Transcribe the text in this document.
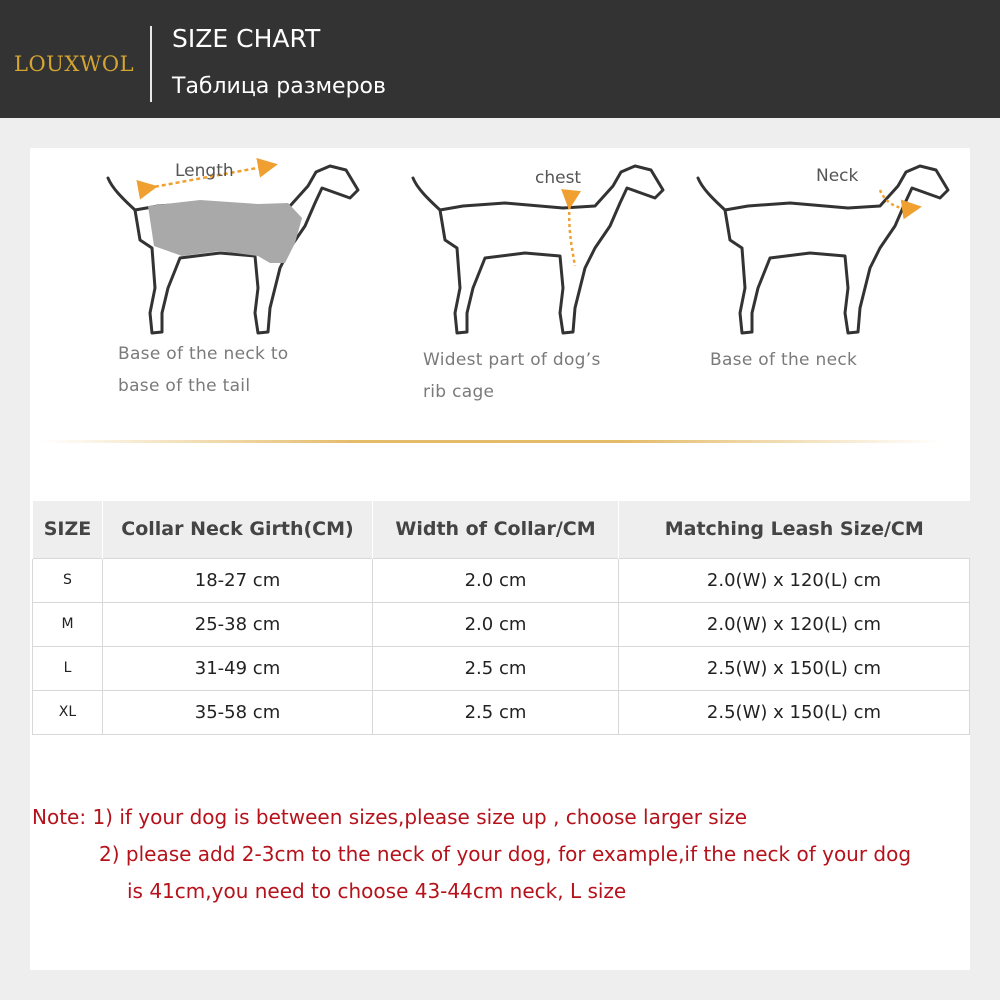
LOUXWOL
SIZE CHART
Таблица размеров
Length
Base of the neck to
base of the tail
chest
Widest part of dog’s
rib cage
Neck
Base of the neck
SIZE	Collar Neck Girth(CM)	Width of Collar/CM	Matching Leash Size/CM
S	18-27 cm	2.0 cm	2.0(W) x 120(L) cm
M	25-38 cm	2.0 cm	2.0(W) x 120(L) cm
L	31-49 cm	2.5 cm	2.5(W) x 150(L) cm
XL	35-58 cm	2.5 cm	2.5(W) x 150(L) cm
Note: 1) if your dog is between sizes,please size up , choose larger size
2) please add 2-3cm to the neck of your dog, for example,if the neck of your dog
is 41cm,you need to choose 43-44cm neck, L size
